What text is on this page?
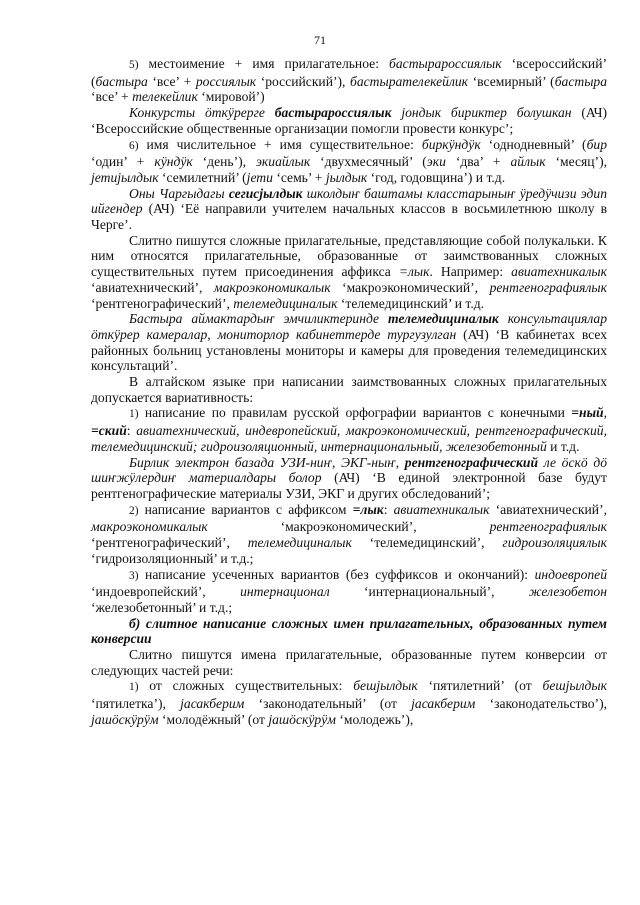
71

5) местоимение + имя прилагательное: бастыраpоссиялык ‘всероссийский’ (бастыра ‘все’ + россиялык ‘российский’), бастырателекейлик ‘всемирный’ (бастыра ‘все’ + телекейлик ‘мировой’)

Конкурсты öткÿрерге бастыраpоссиялык јондык бириктер болушкан (АЧ) ‘Всероссийские общественные организации помогли провести конкурс’;

6) имя числительное + имя существительное: биркÿндÿк ‘однодневный’ (бир ‘один’ + кÿндÿк ‘день’), экиайлык ‘двухмесячный’ (эки ‘два’ + айлык ‘месяц’), јетиjылдык ‘семилетний’ (јети ‘семь’ + jылдык ‘год, годовщина’) и т.д.

Оны Чаргыдагы сегисjылдык школдыҥ баштамы класстарыныҥ ÿредÿчизи эдип ийгендер (АЧ) ‘Её направили учителем начальных классов в восьмилетнюю школу в Черге’.

Слитно пишутся сложные прилагательные, представляющие собой полукальки. К ним относятся прилагательные, образованные от заимствованных сложных существительных путем присоединения аффикса =лык. Например: авиатехникалык ‘авиатехнический’, макроэкономикалык ‘макроэкономический’, рентгенографиялык ‘рентгенографический’, телемедициналык ‘телемедицинский’ и т.д.

Бастыра аймактардыҥ эмчиликтеринде телемедициналык консультациялар öткÿрер камералар, мониторлор кабинеттерде тургузулган (АЧ) ‘В кабинетах всех районных больниц установлены мониторы и камеры для проведения телемедицинских консультаций’.

В алтайском языке при написании заимствованных сложных прилагательных допускается вариативность:

1) написание по правилам русской орфографии вариантов с конечными =ный, =ский: авиатехнический, индевропейский, макроэкономический, рентгенографический, телемедицинский; гидроизоляционный, интернациональный, железобетонный и т.д.

Бирлик электрон базада УЗИ-ниҥ, ЭКГ-ныҥ, рентгенографический ле öскö дö шиҥжÿлердиҥ материалдары болор (АЧ) ‘В единой электронной базе будут рентгенографические материалы УЗИ, ЭКГ и других обследований’;

2) написание вариантов с аффиксом =лык: авиатехникалык ‘авиатехнический’, макроэкономикалык ‘макроэкономический’, рентгенографиялык ‘рентгенографический’, телемедициналык ‘телемедицинский’, гидроизоляциялык ‘гидроизоляционный’ и т.д.;

3) написание усеченных вариантов (без суффиксов и окончаний): индоевропей ‘индоевропейский’, интернационал ‘интернациональный’, железобетон ‘железобетонный’ и т.д.;

б) слитное написание сложных имен прилагательных, образованных путем конверсии

Слитно пишутся имена прилагательные, образованные путем конверсии от следующих частей речи:

1) от сложных существительных: бешјылдык ‘пятилетний’ (от бешјылдык ‘пятилетка’), јасакберим ‘законодательный’ (от јасакберим ‘законодательство’), јашöскÿрÿм ‘молодёжный’ (от јашöскÿрÿм ‘молодежь’),
